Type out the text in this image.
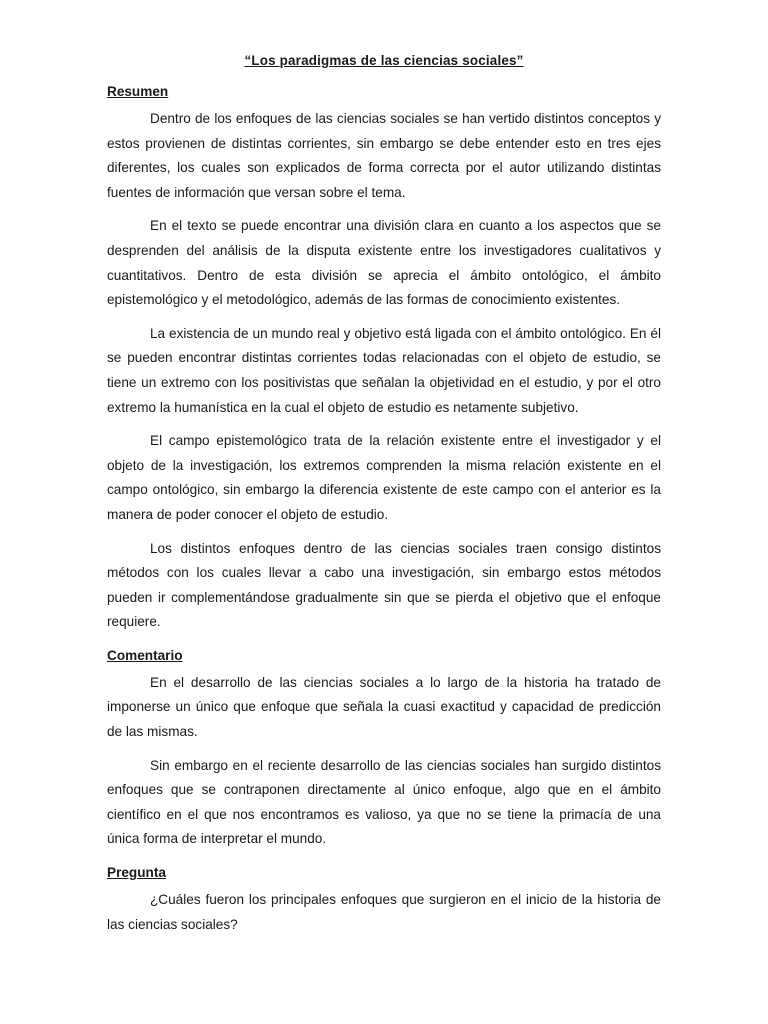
“Los paradigmas de las ciencias sociales”
Resumen

Dentro de los enfoques de las ciencias sociales se han vertido distintos conceptos y estos provienen de distintas corrientes, sin embargo se debe entender esto en tres ejes diferentes, los cuales son explicados de forma correcta por el autor utilizando distintas fuentes de información que versan sobre el tema.

En el texto se puede encontrar una división clara en cuanto a los aspectos que se desprenden del análisis de la disputa existente entre los investigadores cualitativos y cuantitativos. Dentro de esta división se aprecia el ámbito ontológico, el ámbito epistemológico y el metodológico, además de las formas de conocimiento existentes.

La existencia de un mundo real y objetivo está ligada con el ámbito ontológico. En él se pueden encontrar distintas corrientes todas relacionadas con el objeto de estudio, se tiene un extremo con los positivistas que señalan la objetividad en el estudio, y por el otro extremo la humanística en la cual el objeto de estudio es netamente subjetivo.

El campo epistemológico trata de la relación existente entre el investigador y el objeto de la investigación, los extremos comprenden la misma relación existente en el campo ontológico, sin embargo la diferencia existente de este campo con el anterior es la manera de poder conocer el objeto de estudio.

Los distintos enfoques dentro de las ciencias sociales traen consigo distintos métodos con los cuales llevar a cabo una investigación, sin embargo estos métodos pueden ir complementándose gradualmente sin que se pierda el objetivo que el enfoque requiere.

Comentario

En el desarrollo de las ciencias sociales a lo largo de la historia ha tratado de imponerse un único que enfoque que señala la cuasi exactitud y capacidad de predicción de las mismas.

Sin embargo en el reciente desarrollo de las ciencias sociales han surgido distintos enfoques que se contraponen directamente al único enfoque, algo que en el ámbito científico en el que nos encontramos es valioso, ya que no se tiene la primacía de una única forma de interpretar el mundo.

Pregunta

¿Cuáles fueron los principales enfoques que surgieron en el inicio de la historia de las ciencias sociales?
